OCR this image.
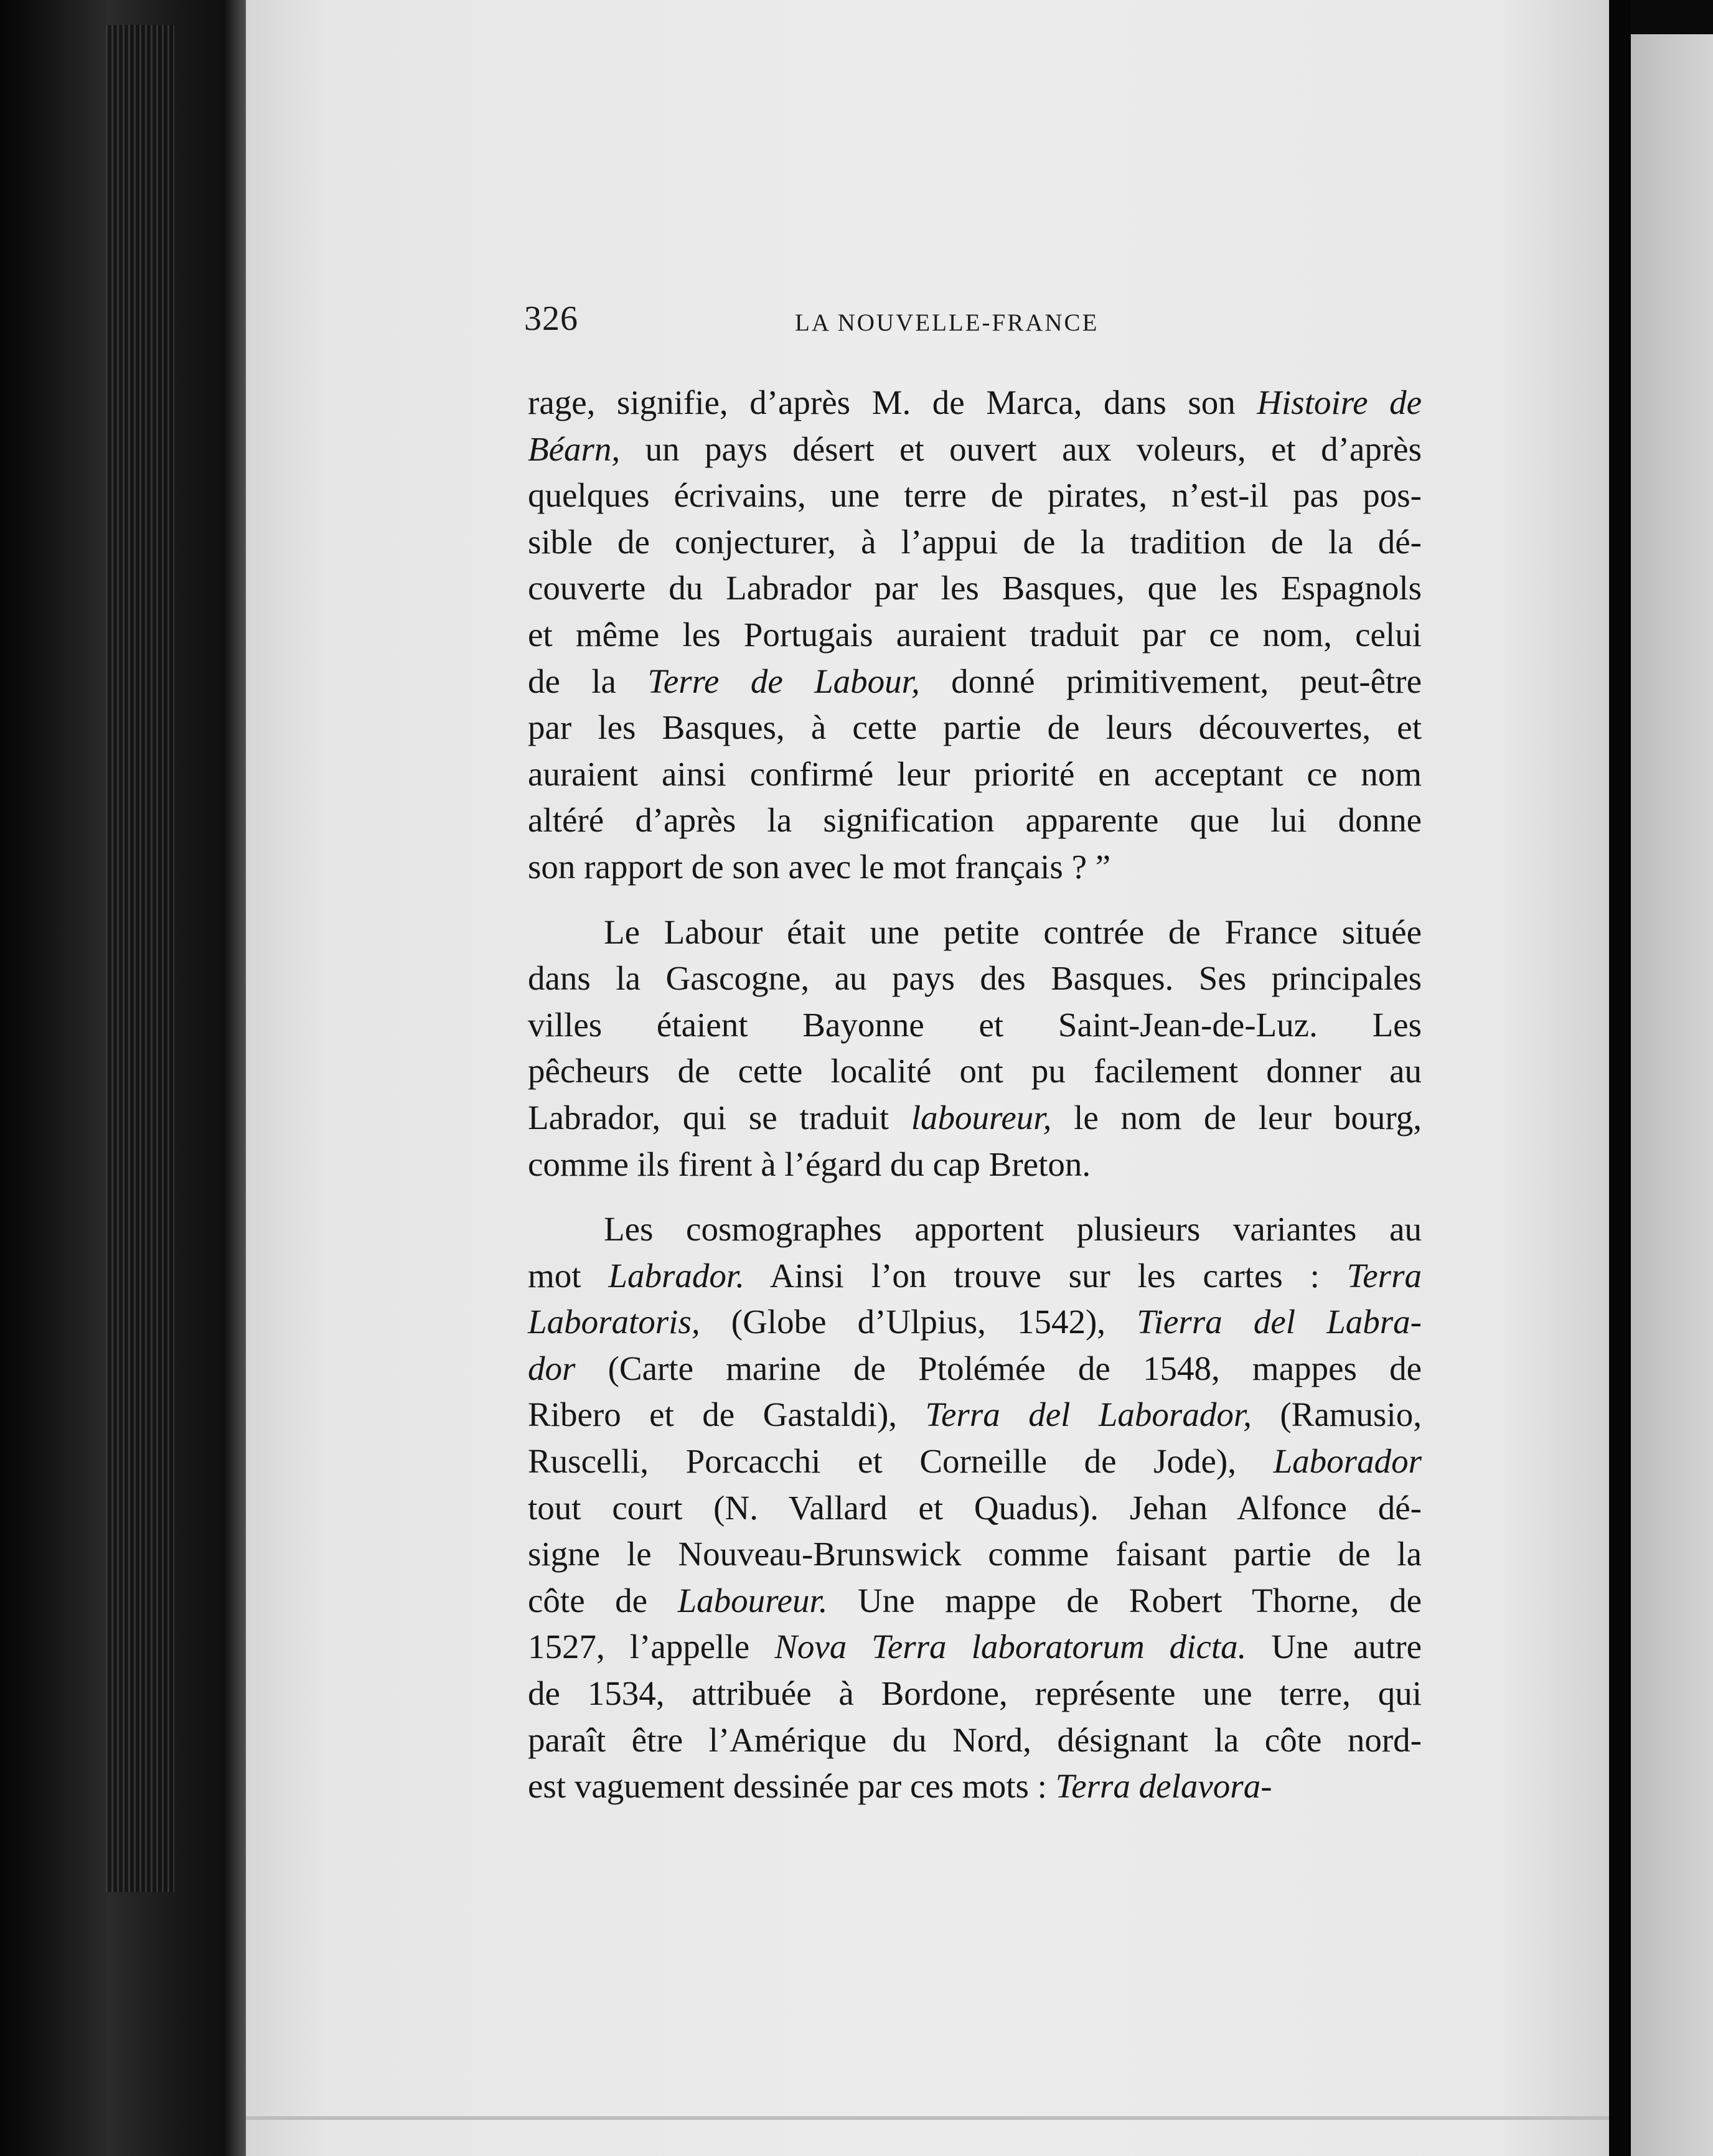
326	LA NOUVELLE-FRANCE
rage, signifie, d’après M. de Marca, dans son Histoire de
Béarn, un pays désert et ouvert aux voleurs, et d’après
quelques écrivains, une terre de pirates, n’est-il pas pos-
sible de conjecturer, à l’appui de la tradition de la dé-
couverte du Labrador par les Basques, que les Espagnols
et même les Portugais auraient traduit par ce nom, celui
de la Terre de Labour, donné primitivement, peut-être
par les Basques, à cette partie de leurs découvertes, et
auraient ainsi confirmé leur priorité en acceptant ce nom
altéré d’après la signification apparente que lui donne
son rapport de son avec le mot français ? ”
Le Labour était une petite contrée de France située
dans la Gascogne, au pays des Basques. Ses principales
villes étaient Bayonne et Saint-Jean-de-Luz. Les
pêcheurs de cette localité ont pu facilement donner au
Labrador, qui se traduit laboureur, le nom de leur bourg,
comme ils firent à l’égard du cap Breton.
Les cosmographes apportent plusieurs variantes au
mot Labrador. Ainsi l’on trouve sur les cartes : Terra
Laboratoris, (Globe d’Ulpius, 1542), Tierra del Labra-
dor (Carte marine de Ptolémée de 1548, mappes de
Ribero et de Gastaldi), Terra del Laborador, (Ramusio,
Ruscelli, Porcacchi et Corneille de Jode), Laborador
tout court (N. Vallard et Quadus). Jehan Alfonce dé-
signe le Nouveau-Brunswick comme faisant partie de la
côte de Laboureur. Une mappe de Robert Thorne, de
1527, l’appelle Nova Terra laboratorum dicta. Une autre
de 1534, attribuée à Bordone, représente une terre, qui
paraît être l’Amérique du Nord, désignant la côte nord-
est vaguement dessinée par ces mots : Terra delavora-
